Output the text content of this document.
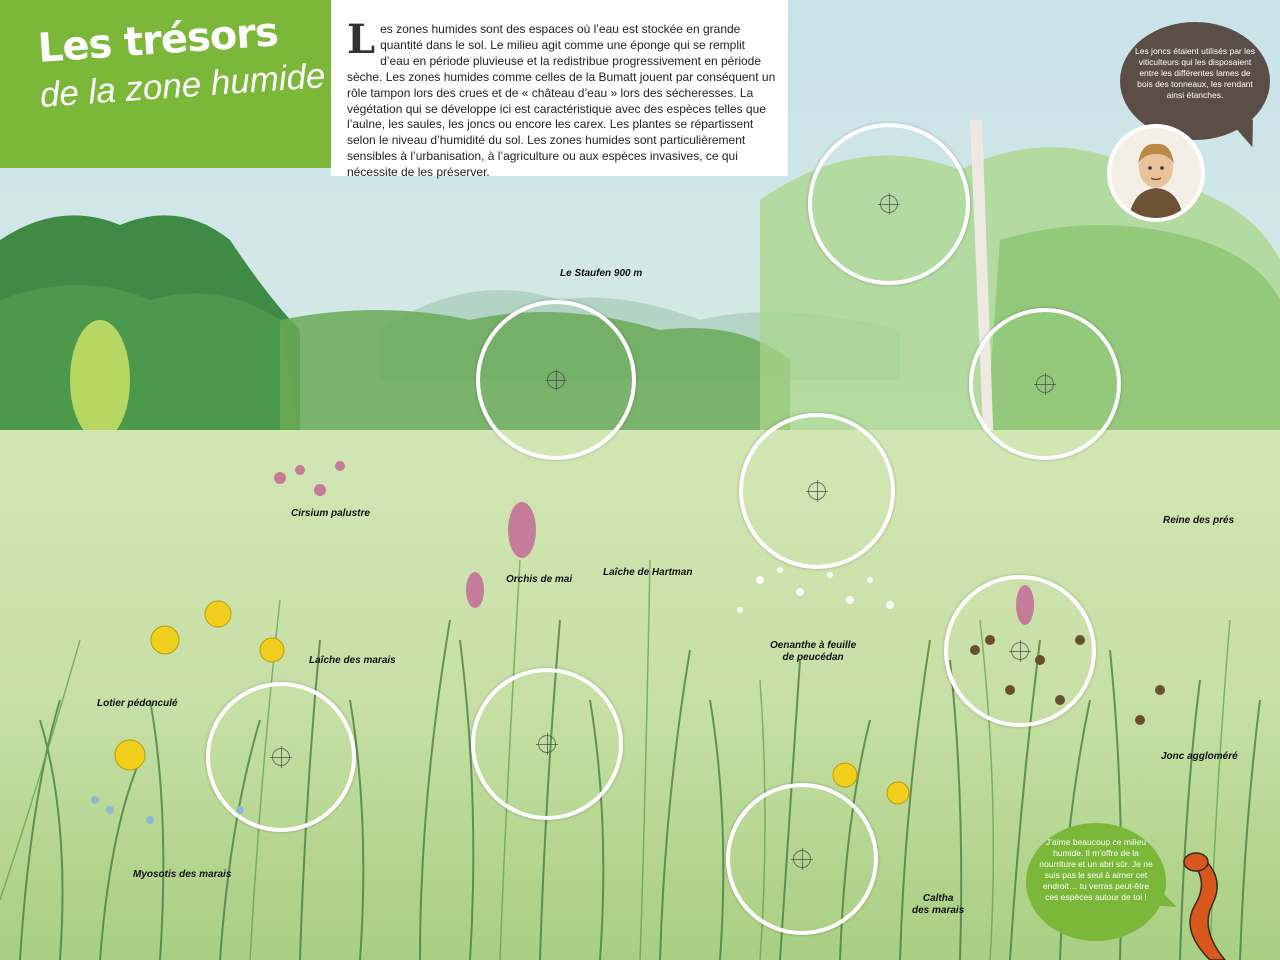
Les trésors
de la zone humide

L es zones humides sont des espaces où l’eau est stockée en grande quantité dans le sol. Le milieu agit comme une éponge qui se remplit d’eau en période pluvieuse et la redistribue progressivement en période sèche. Les zones humides comme celles de la Bumatt jouent par conséquent un rôle tampon lors des crues et de « château d’eau » lors des sécheresses. La végétation qui se développe ici est caractéristique avec des espèces telles que l’aulne, les saules, les joncs ou encore les carex. Les plantes se répartissent selon le niveau d’humidité du sol. Les zones humides sont particulièrement sensibles à l’urbanisation, à l’agriculture ou aux espèces invasives, ce qui nécessite de les préserver.

Le Staufen 900 m
Cirsium palustre
Orchis de mai
Laîche de Hartman
Reine des prés
Oenanthe à feuille
de peucédan
Laîche des marais
Lotier pédonculé
Jonc aggloméré
Myosotis des marais
Caltha
des marais

Les joncs étaient utilisés par les viticulteurs qui les disposaient entre les différentes lames de bois des tonneaux, les rendant ainsi étanches.

J’aime beaucoup ce milieu humide. Il m’offre de la nourriture et un abri sûr. Je ne suis pas le seul à aimer cet endroit… tu verras peut-être ces espèces autour de toi !
